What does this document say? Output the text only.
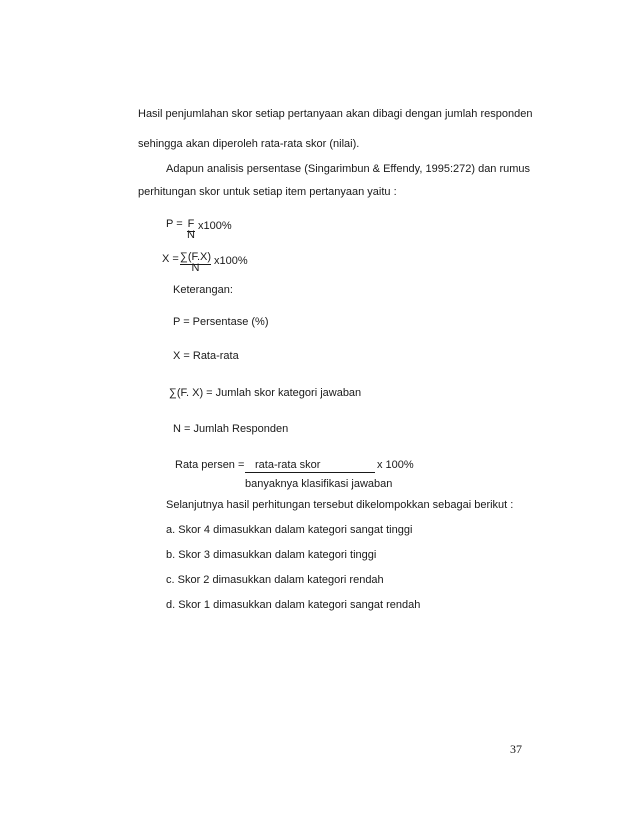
Hasil penjumlahan skor setiap pertanyaan akan dibagi dengan jumlah responden
sehingga akan diperoleh rata-rata skor (nilai).
Adapun analisis persentase (Singarimbun & Effendy, 1995:272) dan rumus
perhitungan skor untuk setiap item pertanyaan yaitu :
P = F x100%
N
X = ∑(F.X) x100%
N
Keterangan:
P = Persentase (%)
X = Rata-rata
∑(F. X) = Jumlah skor kategori jawaban
N = Jumlah Responden
Rata persen = rata-rata skor	x 100%
banyaknya klasifikasi jawaban
Selanjutnya hasil perhitungan tersebut dikelompokkan sebagai berikut :
a. Skor 4 dimasukkan dalam kategori sangat tinggi
b. Skor 3 dimasukkan dalam kategori tinggi
c. Skor 2 dimasukkan dalam kategori rendah
d. Skor 1 dimasukkan dalam kategori sangat rendah
37
